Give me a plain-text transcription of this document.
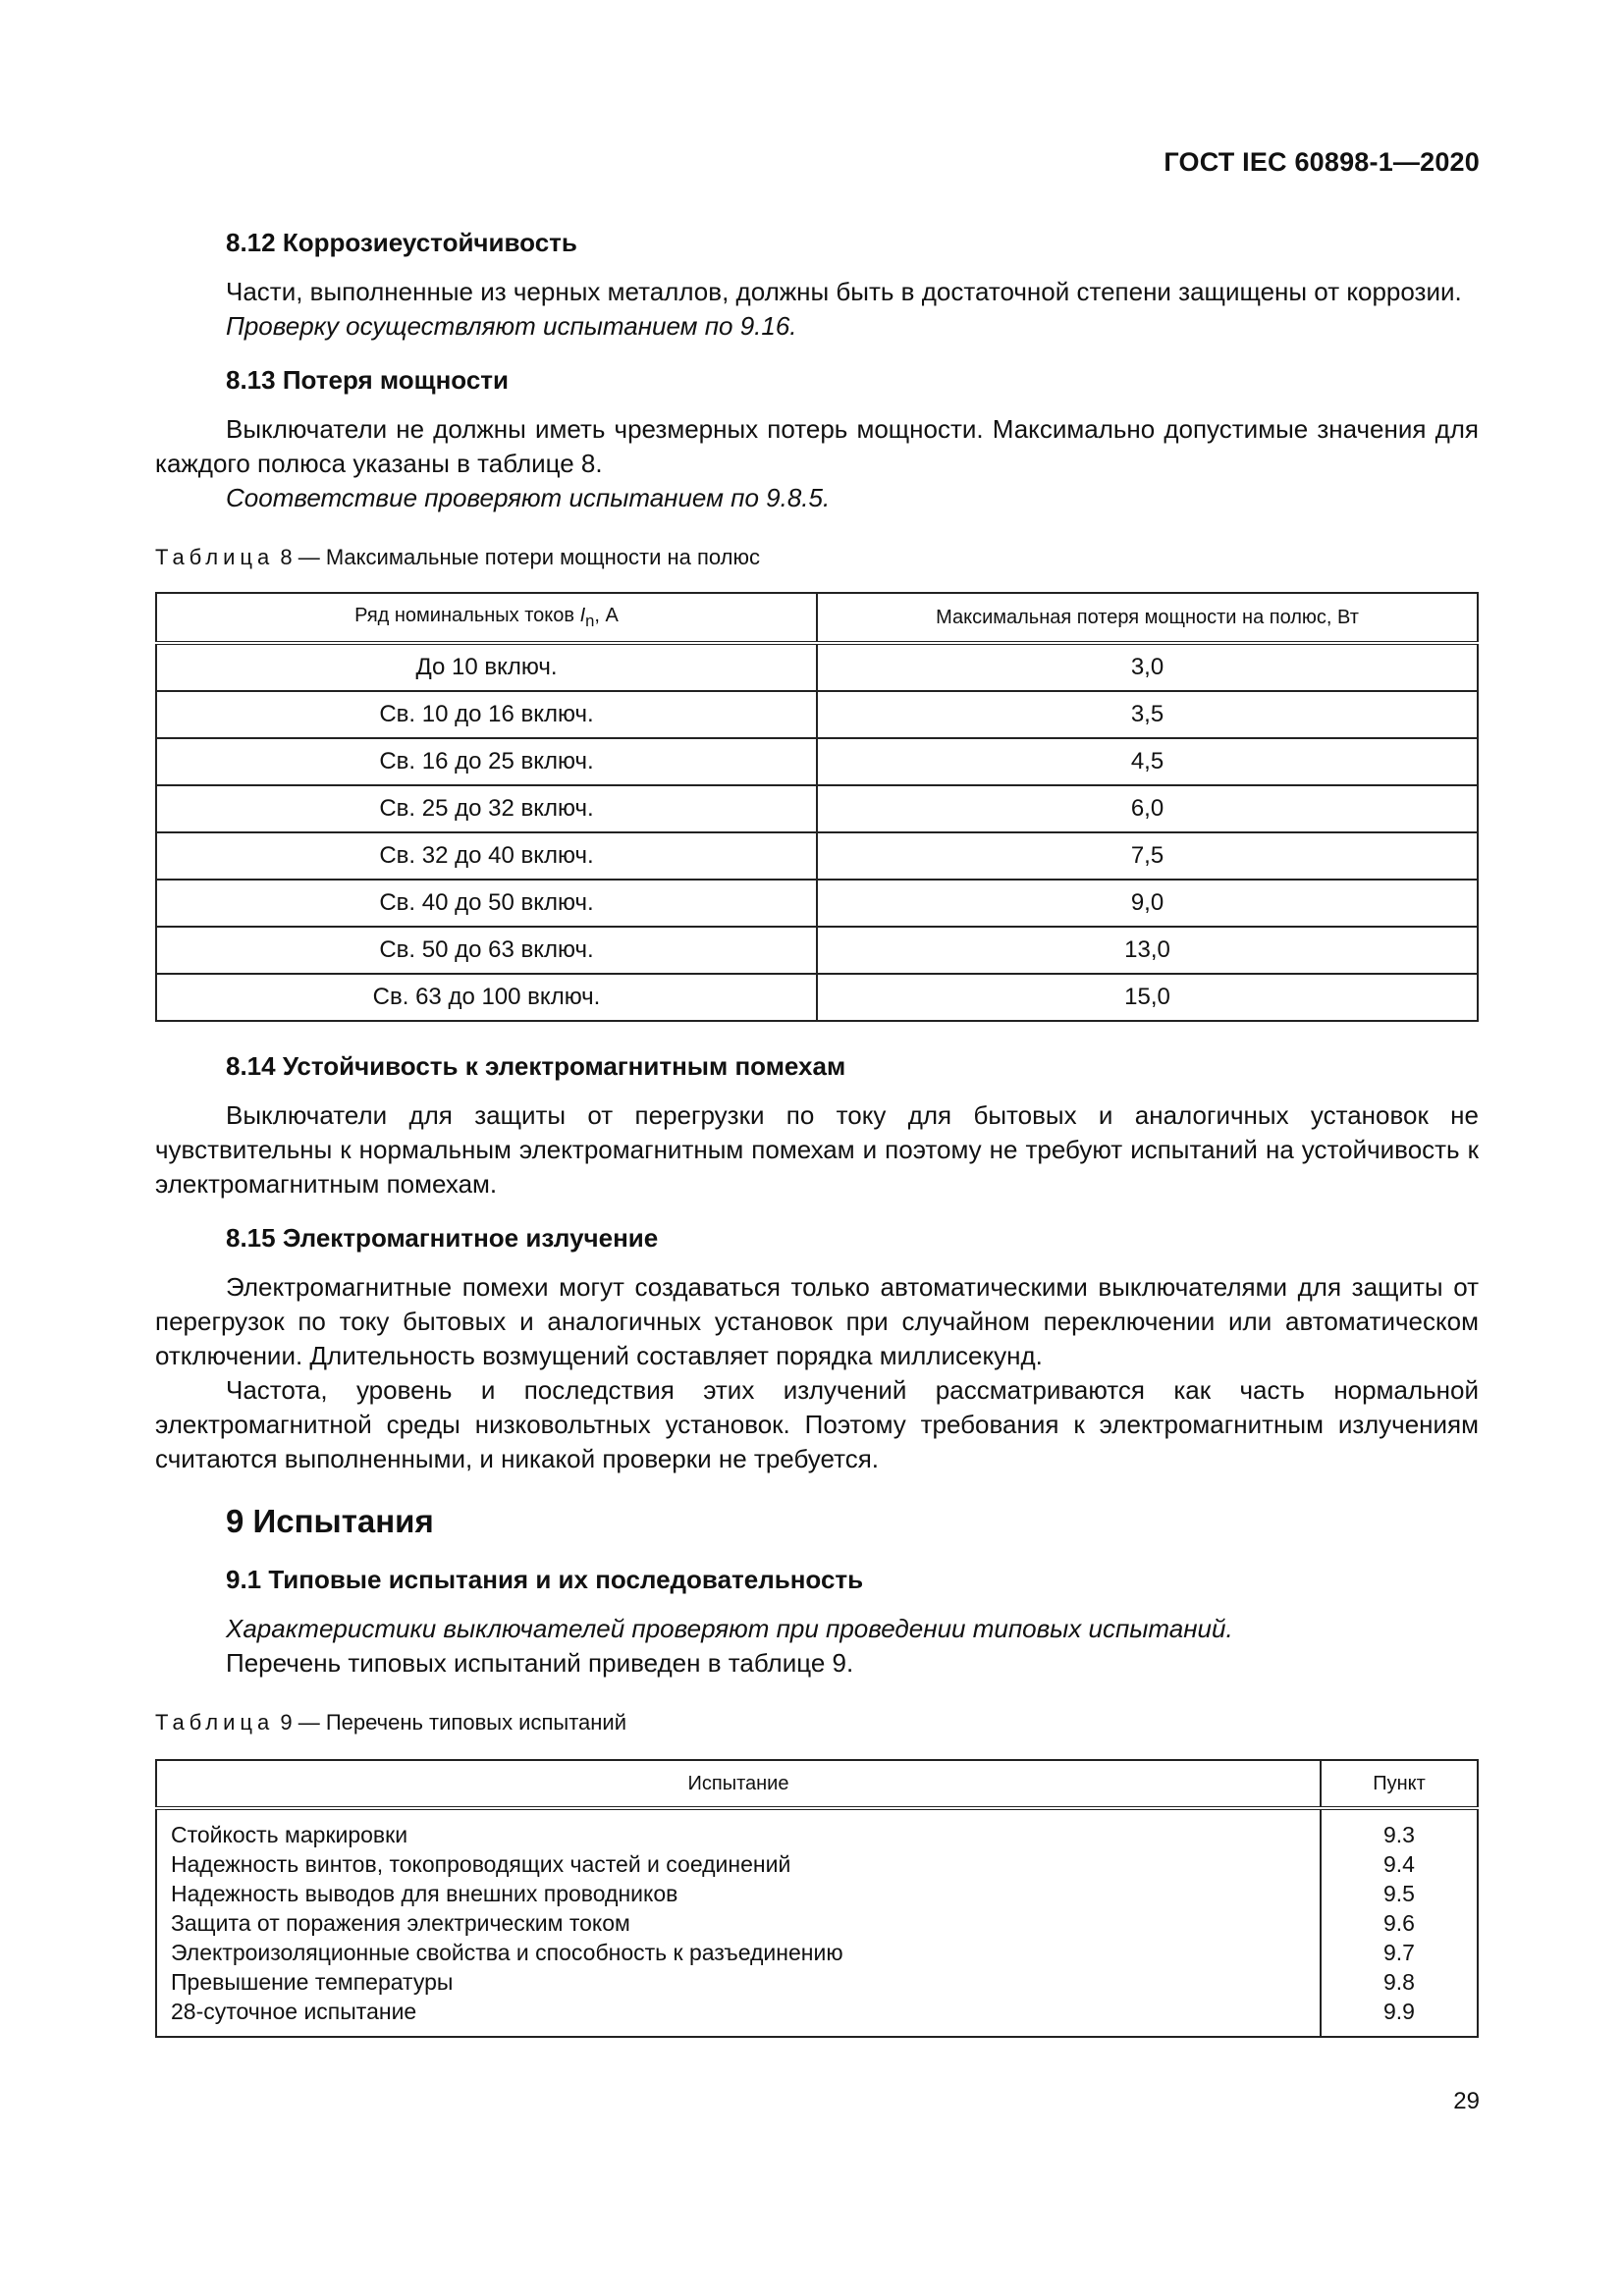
ГОСТ IEC 60898-1—2020
8.12 Коррозиеустойчивость

Части, выполненные из черных металлов, должны быть в достаточной степени защищены от коррозии.

Проверку осуществляют испытанием по 9.16.

8.13 Потеря мощности

Выключатели не должны иметь чрезмерных потерь мощности. Максимально допустимые значения для каждого полюса указаны в таблице 8.

Соответствие проверяют испытанием по 9.8.5.

Таблица 8 — Максимальные потери мощности на полюс
Ряд номинальных токов $I_n$, А	Максимальная потеря мощности на полюс, Вт
До 10 включ.	3,0
Св. 10 до 16 включ.	3,5
Св. 16 до 25 включ.	4,5
Св. 25 до 32 включ.	6,0
Св. 32 до 40 включ.	7,5
Св. 40 до 50 включ.	9,0
Св. 50 до 63 включ.	13,0
Св. 63 до 100 включ.	15,0
8.14 Устойчивость к электромагнитным помехам

Выключатели для защиты от перегрузки по току для бытовых и аналогичных установок не чувствительны к нормальным электромагнитным помехам и поэтому не требуют испытаний на устойчивость к электромагнитным помехам.

8.15 Электромагнитное излучение

Электромагнитные помехи могут создаваться только автоматическими выключателями для защиты от перегрузок по току бытовых и аналогичных установок при случайном переключении или автоматическом отключении. Длительность возмущений составляет порядка миллисекунд.

Частота, уровень и последствия этих излучений рассматриваются как часть нормальной электромагнитной среды низковольтных установок. Поэтому требования к электромагнитным излучениям считаются выполненными, и никакой проверки не требуется.

9 Испытания
9.1 Типовые испытания и их последовательность

Характеристики выключателей проверяют при проведении типовых испытаний.

Перечень типовых испытаний приведен в таблице 9.

Таблица 9 — Перечень типовых испытаний
Испытание	Пункт
Стойкость маркировки	9.3
Надежность винтов, токопроводящих частей и соединений	9.4
Надежность выводов для внешних проводников	9.5
Защита от поражения электрическим током	9.6
Электроизоляционные свойства и способность к разъединению	9.7
Превышение температуры	9.8
28-суточное испытание	9.9
29
